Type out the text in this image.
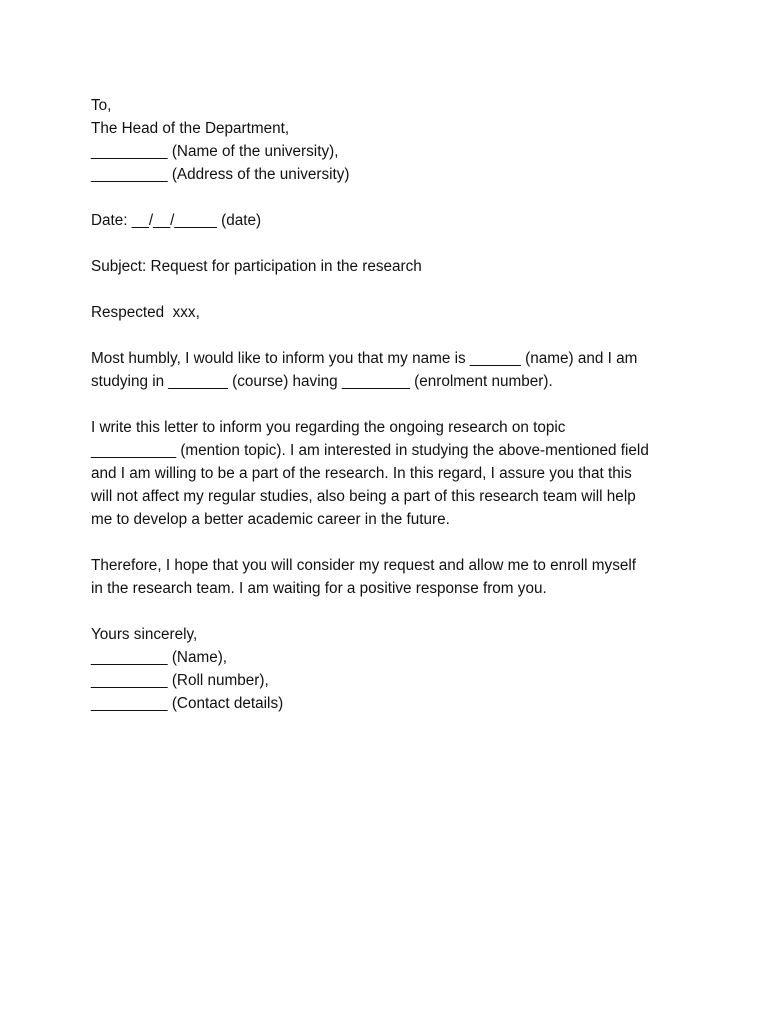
To,
The Head of the Department,
_________ (Name of the university),
_________ (Address of the university)
Date: __/__/_____ (date)
Subject: Request for participation in the research
Respected  xxx,
Most humbly, I would like to inform you that my name is ______ (name) and I am
studying in _______ (course) having ________ (enrolment number).
I write this letter to inform you regarding the ongoing research on topic
__________ (mention topic). I am interested in studying the above-mentioned field
and I am willing to be a part of the research. In this regard, I assure you that this
will not affect my regular studies, also being a part of this research team will help
me to develop a better academic career in the future.
Therefore, I hope that you will consider my request and allow me to enroll myself
in the research team. I am waiting for a positive response from you.
Yours sincerely,
_________ (Name),
_________ (Roll number),
_________ (Contact details)
